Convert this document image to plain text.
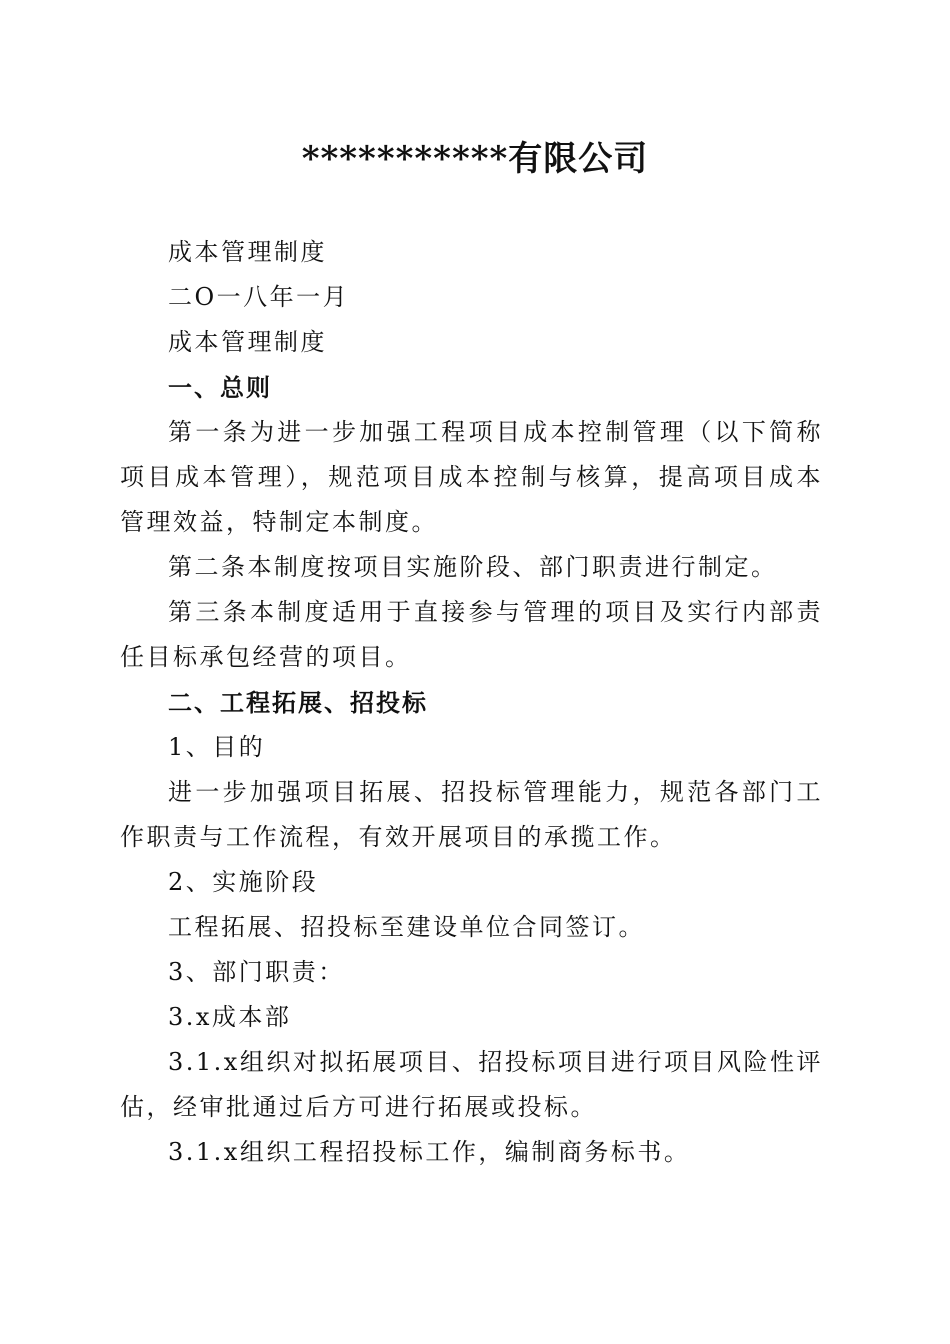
***********有限公司

成本管理制度

二O一八年一月

成本管理制度

一、总则

第一条为进一步加强工程项目成本控制管理（以下简称项目成本管理），规范项目成本控制与核算，提高项目成本管理效益，特制定本制度。

第二条本制度按项目实施阶段、部门职责进行制定。

第三条本制度适用于直接参与管理的项目及实行内部责任目标承包经营的项目。

二、工程拓展、招投标

1、目的

进一步加强项目拓展、招投标管理能力，规范各部门工作职责与工作流程，有效开展项目的承揽工作。

2、实施阶段

工程拓展、招投标至建设单位合同签订。

3、部门职责：

3.x成本部

3.1.x组织对拟拓展项目、招投标项目进行项目风险性评估，经审批通过后方可进行拓展或投标。

3.1.x组织工程招投标工作，编制商务标书。
